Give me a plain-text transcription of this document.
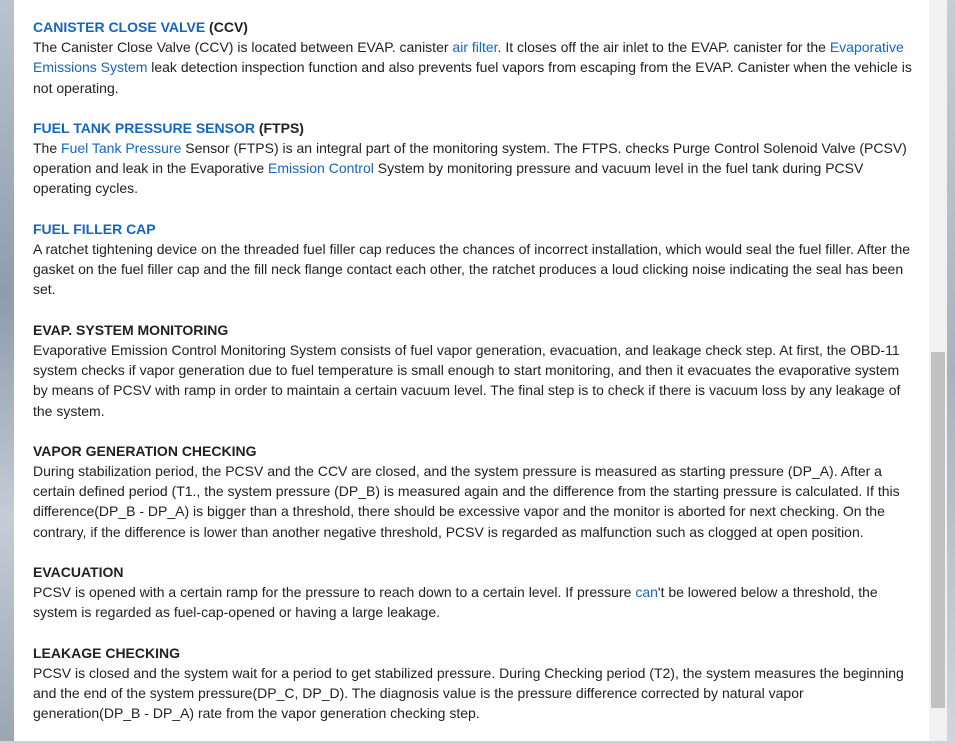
CANISTER CLOSE VALVE (CCV)

The Canister Close Valve (CCV) is located between EVAP. canister air filter. It closes off the air inlet to the EVAP. canister for the Evaporative Emissions System leak detection inspection function and also prevents fuel vapors from escaping from the EVAP. Canister when the vehicle is not operating.

FUEL TANK PRESSURE SENSOR (FTPS)

The Fuel Tank Pressure Sensor (FTPS) is an integral part of the monitoring system. The FTPS. checks Purge Control Solenoid Valve (PCSV) operation and leak in the Evaporative Emission Control System by monitoring pressure and vacuum level in the fuel tank during PCSV operating cycles.

FUEL FILLER CAP

A ratchet tightening device on the threaded fuel filler cap reduces the chances of incorrect installation, which would seal the fuel filler. After the gasket on the fuel filler cap and the fill neck flange contact each other, the ratchet produces a loud clicking noise indicating the seal has been set.

EVAP. SYSTEM MONITORING

Evaporative Emission Control Monitoring System consists of fuel vapor generation, evacuation, and leakage check step. At first, the OBD-11 system checks if vapor generation due to fuel temperature is small enough to start monitoring, and then it evacuates the evaporative system by means of PCSV with ramp in order to maintain a certain vacuum level. The final step is to check if there is vacuum loss by any leakage of the system.

VAPOR GENERATION CHECKING

During stabilization period, the PCSV and the CCV are closed, and the system pressure is measured as starting pressure (DP_A). After a certain defined period (T1., the system pressure (DP_B) is measured again and the difference from the starting pressure is calculated. If this difference(DP_B - DP_A) is bigger than a threshold, there should be excessive vapor and the monitor is aborted for next checking. On the contrary, if the difference is lower than another negative threshold, PCSV is regarded as malfunction such as clogged at open position.

EVACUATION

PCSV is opened with a certain ramp for the pressure to reach down to a certain level. If pressure can't be lowered below a threshold, the system is regarded as fuel-cap-opened or having a large leakage.

LEAKAGE CHECKING

PCSV is closed and the system wait for a period to get stabilized pressure. During Checking period (T2), the system measures the beginning and the end of the system pressure(DP_C, DP_D). The diagnosis value is the pressure difference corrected by natural vapor generation(DP_B - DP_A) rate from the vapor generation checking step.
